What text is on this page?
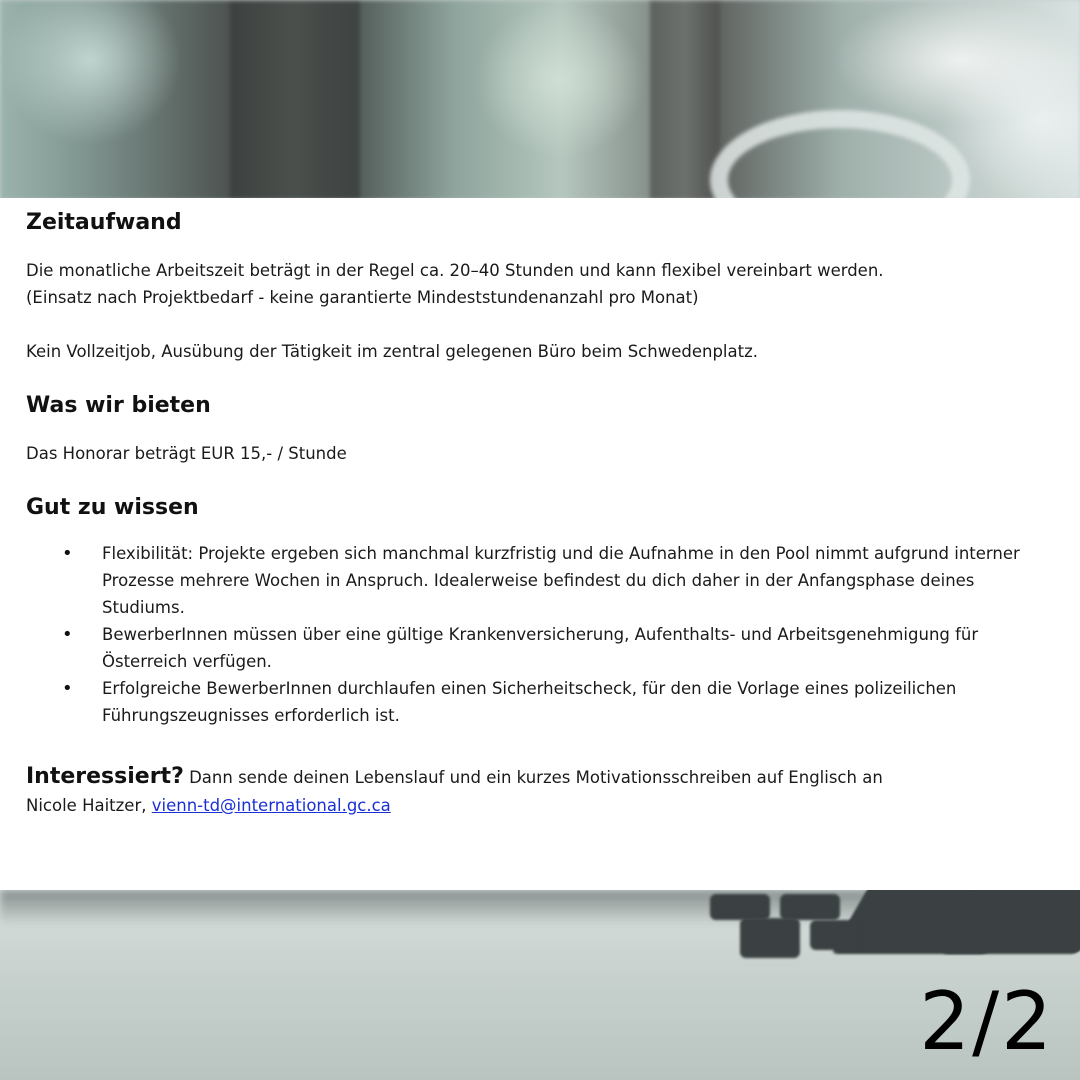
Zeitaufwand

Die monatliche Arbeitszeit beträgt in der Regel ca. 20–40 Stunden und kann flexibel vereinbart werden.

(Einsatz nach Projektbedarf - keine garantierte Mindeststundenanzahl pro Monat)

Kein Vollzeitjob, Ausübung der Tätigkeit im zentral gelegenen Büro beim Schwedenplatz.

Was wir bieten

Das Honorar beträgt EUR 15,- / Stunde

Gut zu wissen
• Flexibilität: Projekte ergeben sich manchmal kurzfristig und die Aufnahme in den Pool nimmt aufgrund interner Prozesse mehrere Wochen in Anspruch. Idealerweise befindest du dich daher in der Anfangsphase deines Studiums.
• BewerberInnen müssen über eine gültige Krankenversicherung, Aufenthalts- und Arbeitsgenehmigung für Österreich verfügen.
• Erfolgreiche BewerberInnen durchlaufen einen Sicherheitscheck, für den die Vorlage eines polizeilichen Führungszeugnisses erforderlich ist.
Interessiert? Dann sende deinen Lebenslauf und ein kurzes Motivationsschreiben auf Englisch an
Nicole Haitzer, vienn-td@international.gc.ca
2/2
